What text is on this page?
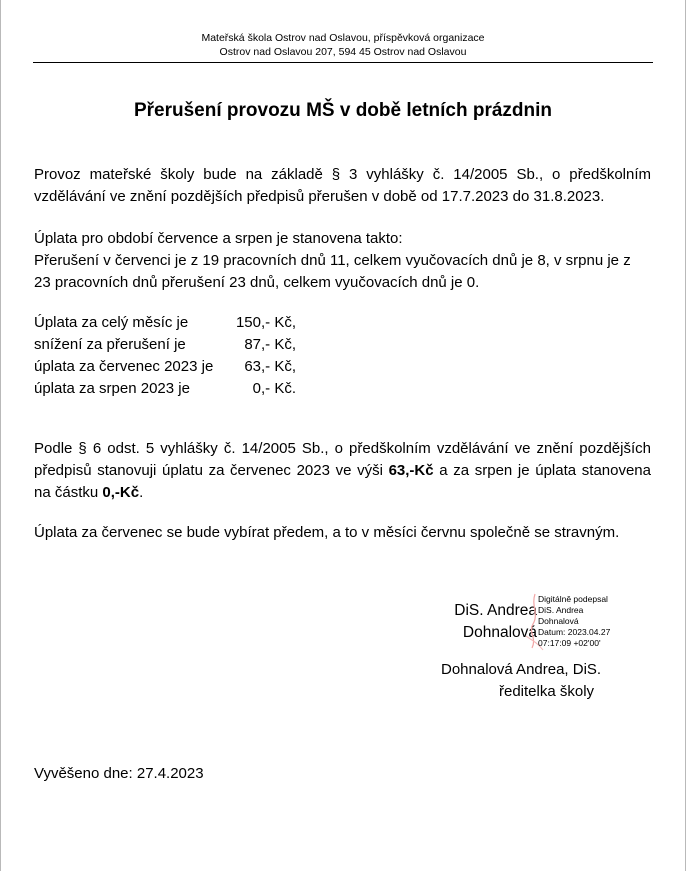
Mateřská škola Ostrov nad Oslavou, příspěvková organizace
Ostrov nad Oslavou 207, 594 45 Ostrov nad Oslavou
Přerušení provozu MŠ v době letních prázdnin
Provoz mateřské školy bude na základě § 3 vyhlášky č. 14/2005 Sb., o předškolním
vzdělávání ve znění pozdějších předpisů přerušen v době od 17.7.2023 do 31.8.2023.
Úplata pro období července a srpen je stanovena takto:
Přerušení v červenci je z 19 pracovních dnů 11, celkem vyučovacích dnů je 8, v srpnu je z
23 pracovních dnů přerušení 23 dnů, celkem vyučovacích dnů je 0.
Úplata za celý měsíc je	150,- Kč,
snížení za přerušení je	87,- Kč,
úplata za červenec 2023 je	63,- Kč,
úplata za srpen 2023 je	0,- Kč.
Podle § 6 odst. 5 vyhlášky č. 14/2005 Sb., o předškolním vzdělávání ve znění pozdějších
předpisů stanovuji úplatu za červenec 2023 ve výši 63,-Kč a za srpen je úplata stanovena
na částku 0,-Kč.
Úplata za červenec se bude vybírat předem, a to v měsíci červnu společně se stravným.
DiS. Andrea
Dohnalová
Digitálně podepsal
DiS. Andrea
Dohnalová
Datum: 2023.04.27
07:17:09 +02'00'
Dohnalová Andrea, DiS.
ředitelka školy
Vyvěšeno dne: 27.4.2023
